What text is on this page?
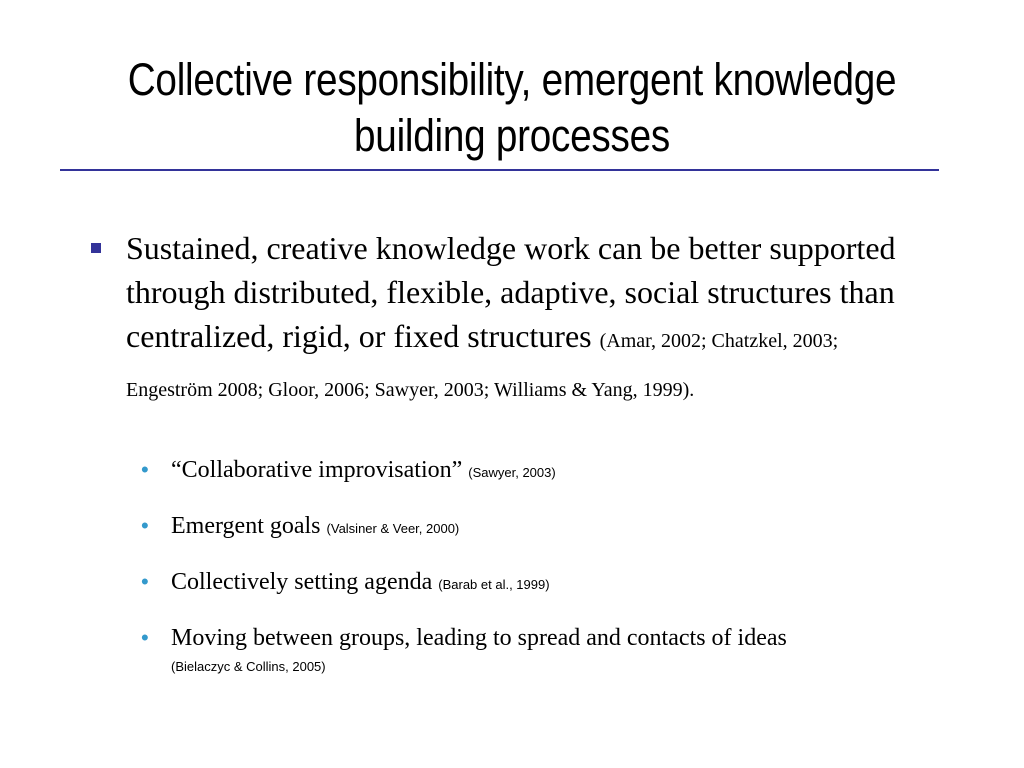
Collective responsibility, emergent knowledge
building processes
Sustained, creative knowledge work can be better supported through distributed, flexible, adaptive, social structures than centralized, rigid, or fixed structures (Amar, 2002; Chatzkel, 2003; Engeström 2008; Gloor, 2006; Sawyer, 2003; Williams & Yang, 1999).
• “Collaborative improvisation” (Sawyer, 2003)
• Emergent goals (Valsiner & Veer, 2000)
• Collectively setting agenda (Barab et al., 1999)
• Moving between groups, leading to spread and contacts of ideas
(Bielaczyc & Collins, 2005)
